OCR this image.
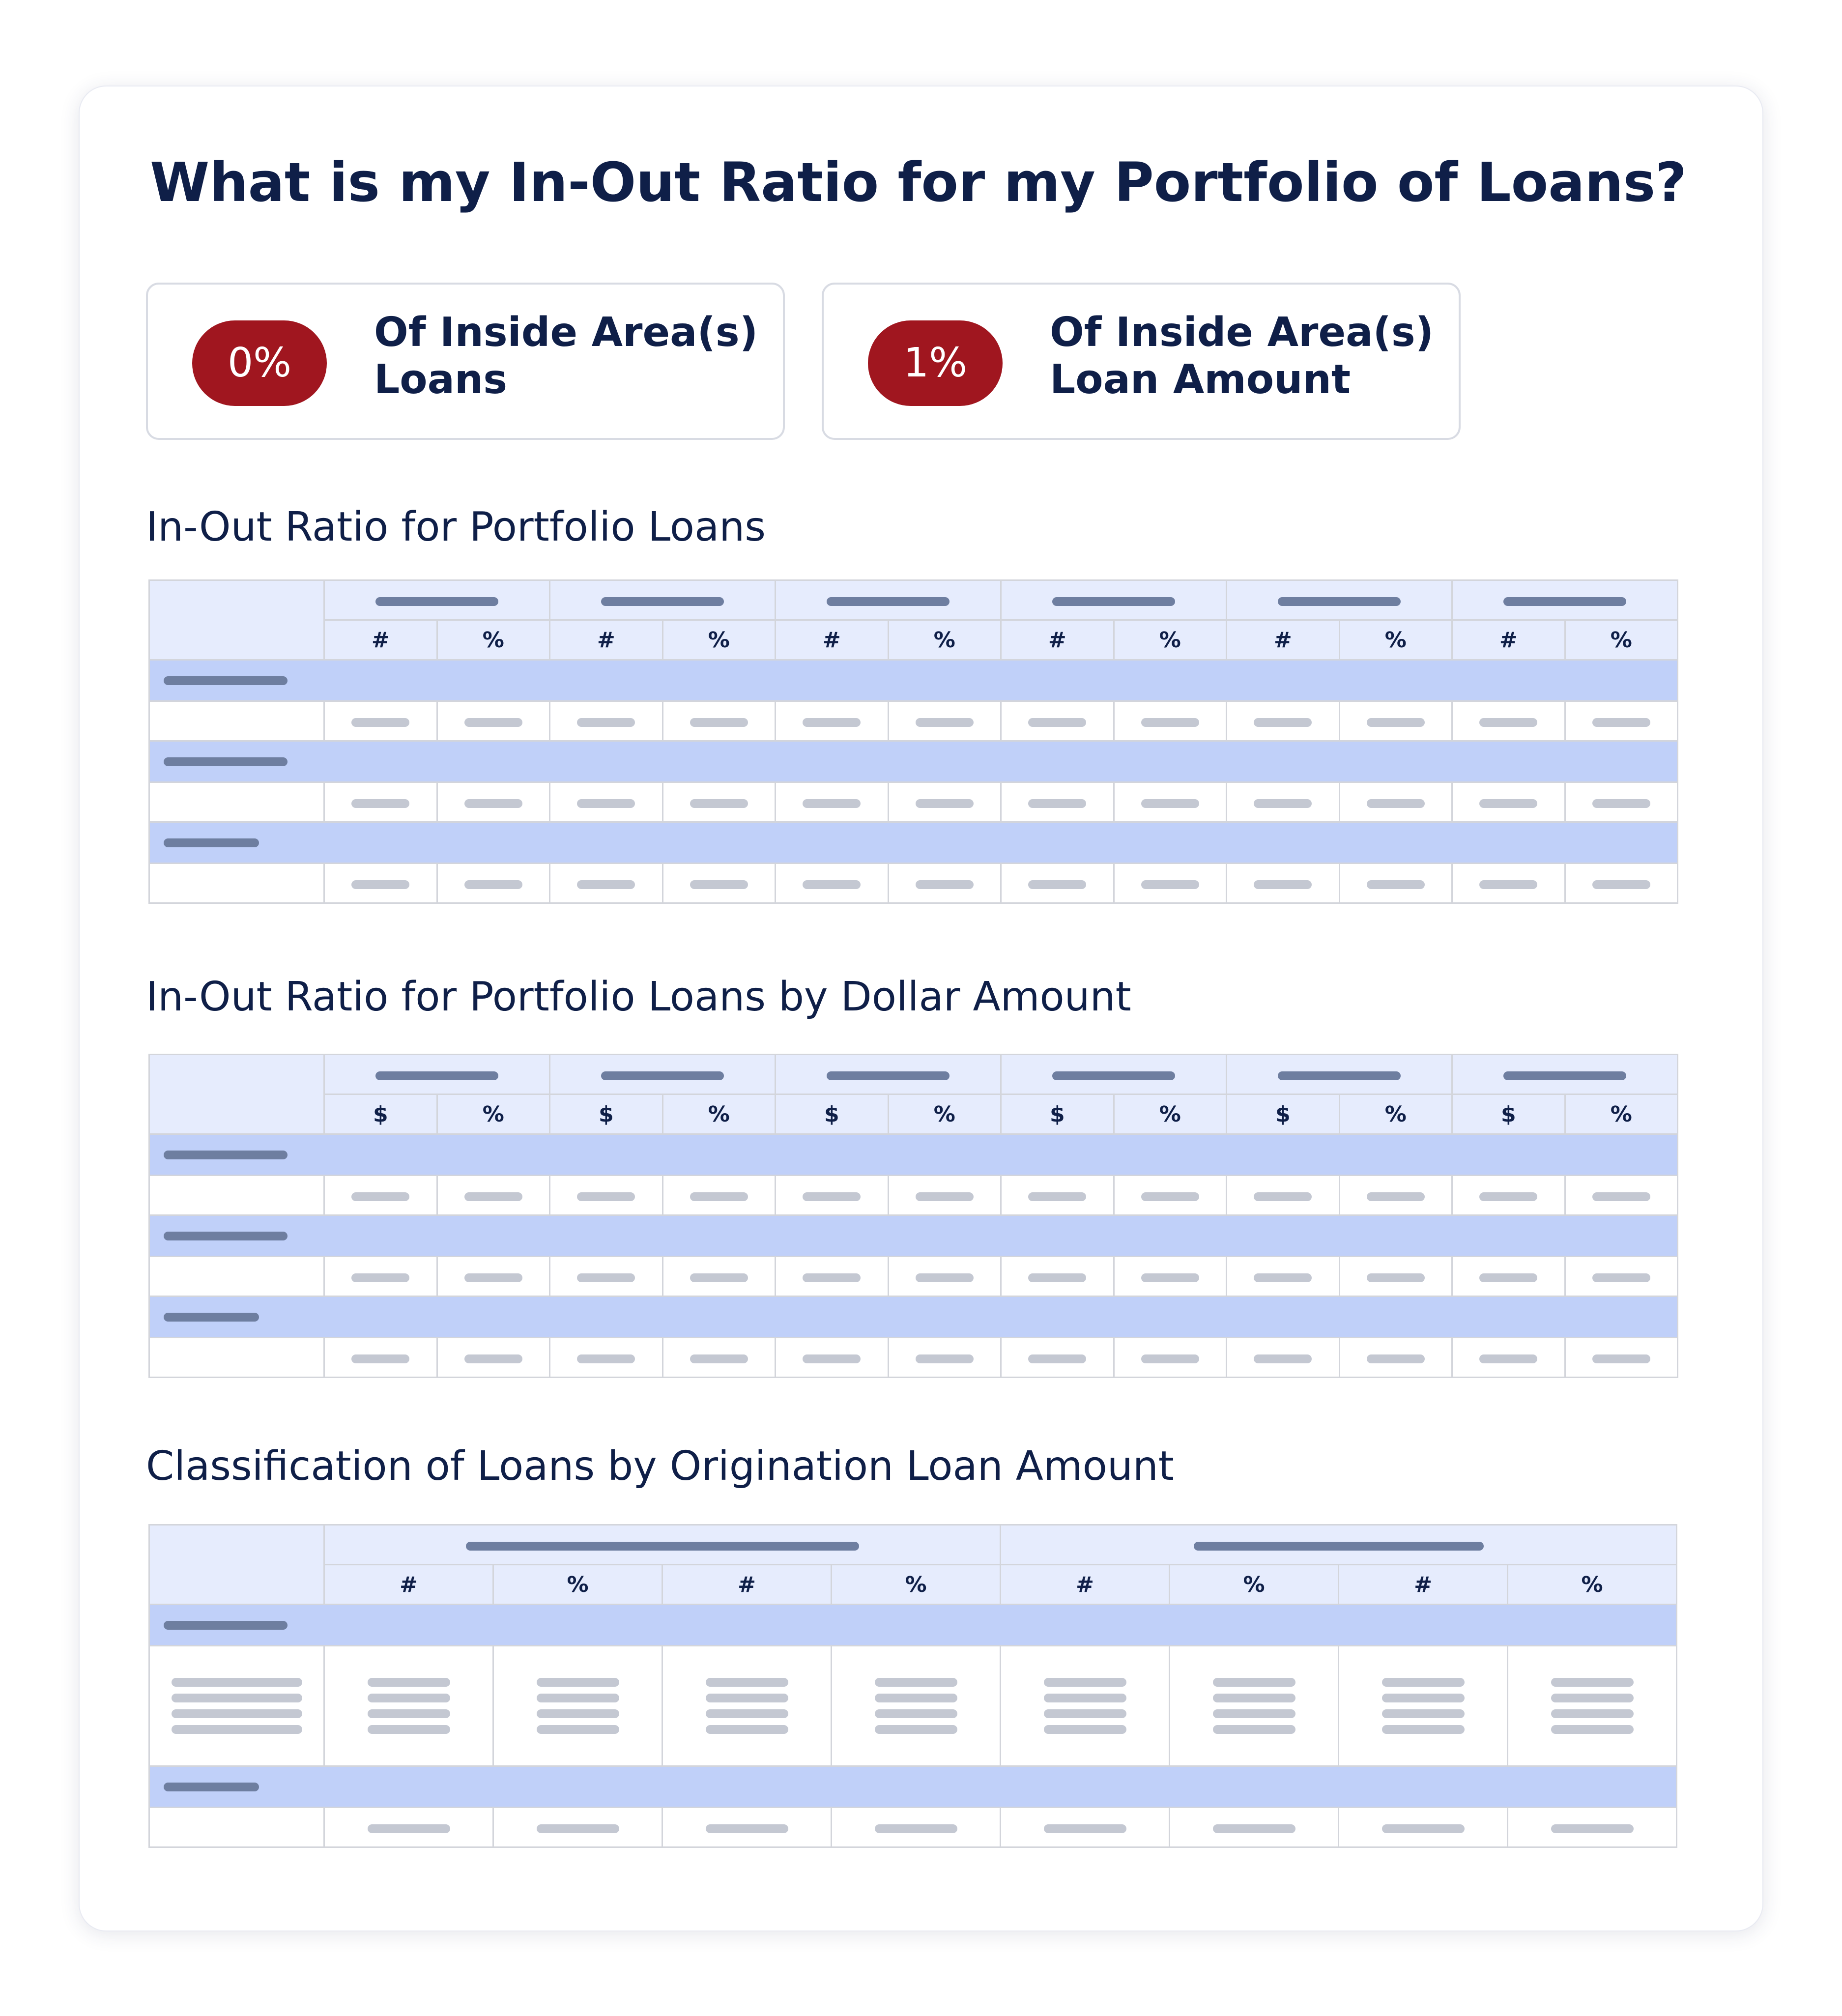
What is my In-Out Ratio for my Portfolio of Loans?
0%
Of Inside Area(s)
Loans	1%
Of Inside Area(s)
Loan Amount
In-Out Ratio for Portfolio Loans

	#	%	#	%	#	%	#	%	#	%	#	%

In-Out Ratio for Portfolio Loans by Dollar Amount

	$	%	$	%	$	%	$	%	$	%	$	%

Classification of Loans by Origination Loan Amount

	#	%	#	%	#	%	#	%
